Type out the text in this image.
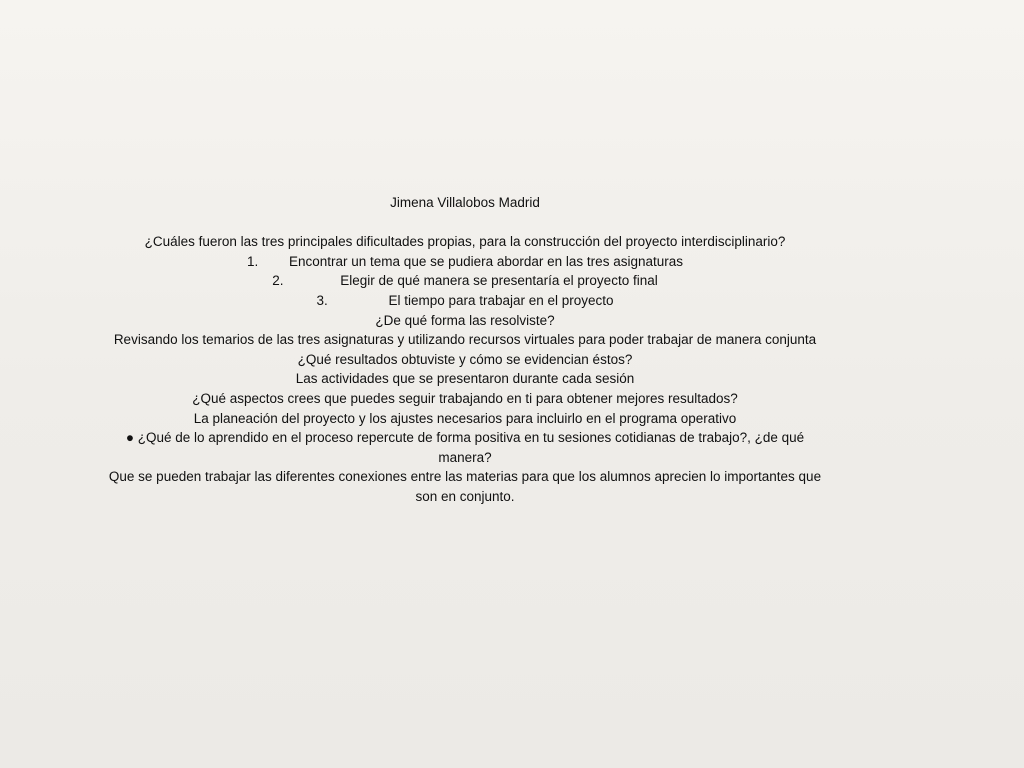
Jimena Villalobos Madrid
¿Cuáles fueron las tres principales dificultades propias, para la construcción del proyecto interdisciplinario?
1. Encontrar un tema que se pudiera abordar en las tres asignaturas
2.	Elegir de qué manera se presentaría el proyecto final
3.	El tiempo para trabajar en el proyecto
¿De qué forma las resolviste?
Revisando los temarios de las tres asignaturas y utilizando recursos virtuales para poder trabajar de manera conjunta
¿Qué resultados obtuviste y cómo se evidencian éstos?
Las actividades que se presentaron durante cada sesión
¿Qué aspectos crees que puedes seguir trabajando en ti para obtener mejores resultados?
La planeación del proyecto y los ajustes necesarios para incluirlo en el programa operativo
● ¿Qué de lo aprendido en el proceso repercute de forma positiva en tu sesiones cotidianas de trabajo?, ¿de qué manera?
Que se pueden trabajar las diferentes conexiones entre las materias para que los alumnos aprecien lo importantes que son en conjunto.
